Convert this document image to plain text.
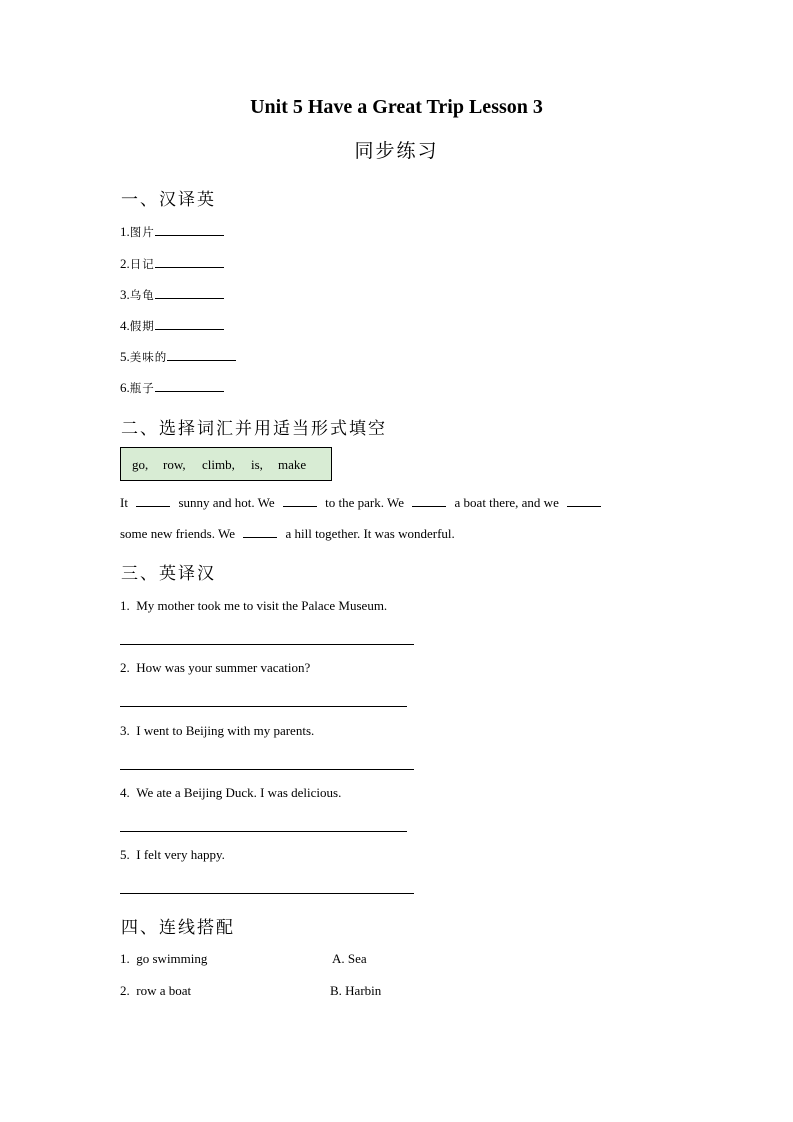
Unit 5 Have a Great Trip Lesson 3
同步练习
一、汉译英
1.图片
2.日记
3.乌龟
4.假期
5.美味的
6.瓶子
二、选择词汇并用适当形式填空
go, row, climb, is, make
It	sunny and hot. We	to the park. We	a boat there, and we
some new friends. We	a hill together. It was wonderful.
三、英译汉
1. My mother took me to visit the Palace Museum.
2. How was your summer vacation?
3. I went to Beijing with my parents.
4. We ate a Beijing Duck. I was delicious.
5. I felt very happy.
四、连线搭配
1. go swimming	A. Sea
2. row a boat	B. Harbin
